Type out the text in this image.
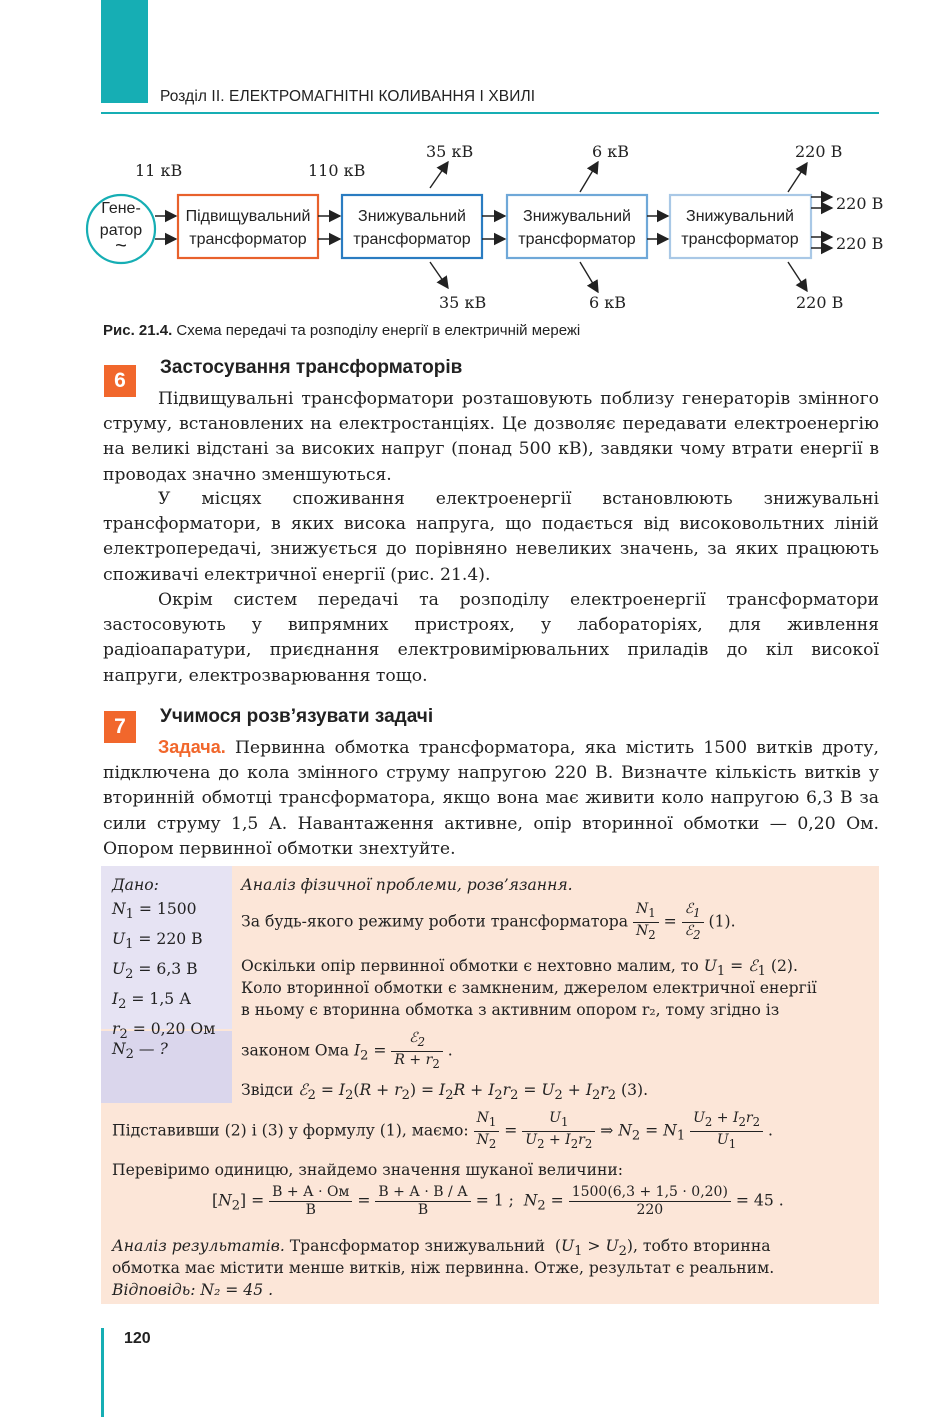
Розділ ІІ. ЕЛЕКТРОМАГНІТНІ КОЛИВАННЯ І ХВИЛІ
Гене-
ратор
~
Підвищувальний
трансформатор
Знижувальний
трансформатор
Знижувальний
трансформатор
Знижувальний
трансформатор
11 кВ	110 кВ
35 кВ	6 кВ	220 В
220 В
220 В
35 кВ	6 кВ	220 В
Рис. 21.4. Схема передачі та розподілу енергії в електричній мережі
6
Застосування трансформаторів

Підвищувальні трансформатори розташовують поблизу генераторів змінного струму, встановлених на електростанціях. Це дозволяє передавати електроенергію на великі відстані за високих напруг (понад 500 кВ), завдяки чому втрати енергії в проводах значно зменшуються.

У місцях споживання електроенергії встановлюють знижувальні трансформатори, в яких висока напруга, що подається від високовольтних ліній електропередачі, знижується до порівняно невеликих значень, за яких працюють споживачі електричної енергії (рис. 21.4).

Окрім систем передачі та розподілу електроенергії трансформатори застосовують у випрямних пристроях, у лабораторіях, для живлення радіоапаратури, приєднання електровимірювальних приладів до кіл високої напруги, електрозварювання тощо.

7	Учимося розв’язувати задачі

Задача. Первинна обмотка трансформатора, яка містить 1500 витків дроту, підключена до кола змінного струму напругою 220 В. Визначте кількість витків у вторинній обмотці трансформатора, якщо вона має живити коло напругою 6,3 В за сили струму 1,5 А. Навантаження активне, опір вторинної обмотки — 0,20 Ом. Опором первинної обмотки знехтуйте.

Дано:
$N_1 = 1500$
$U_1 = 220$ В
$U_2 = 6,3$ В
$I_2 = 1,5$ А
$r_2 = 0,20$ Ом
$N_2$ — ?
Аналіз фізичної проблеми, розв’язання.
За будь-якого режиму роботи трансформатора $\frac{N_1}{N_2} = \frac{ℰ_1}{ℰ_2} (1)$.
Оскільки опір первинної обмотки є нехтовно малим, то $U_1$ = ℰ$_1$ (2).
Коло вторинної обмотки є замкненим, джерелом електричної енергії
в ньому є вторинна обмотка з активним опором r₂, тому згідно із
законом Ома $I_2 = \frac{ℰ_2}{R + r_2}$ .
Звідси ℰ$_2$ = $I_2(R + r_2) = I_2R + I_2r_2 = U_2 + I_2r_2$ (3).
Підставивши (2) і (3) у формулу (1), маємо: $\frac{N_1}{N_2} = \frac{U_1}{U_2 + I_2r_2}$ ⇒ $N_2 = N_1 \frac{U_2 + I_2r_2}{U_1}$ .
Перевіримо одиницю, знайдемо значення шуканої величини:
$[N_2] = \frac{В + А \cdot Ом}{В} = \frac{В + А \cdot В / А}{В} = 1$ ;  $N_2 = \frac{1500(6,3 + 1,5 \cdot 0,20)}{220} = 45$ .
Аналіз результатів. Трансформатор знижувальний  $(U_1 > U_2)$, тобто вторинна
обмотка має містити менше витків, ніж первинна. Отже, результат є реальним.
Відповідь: N₂ = 45 .
120
